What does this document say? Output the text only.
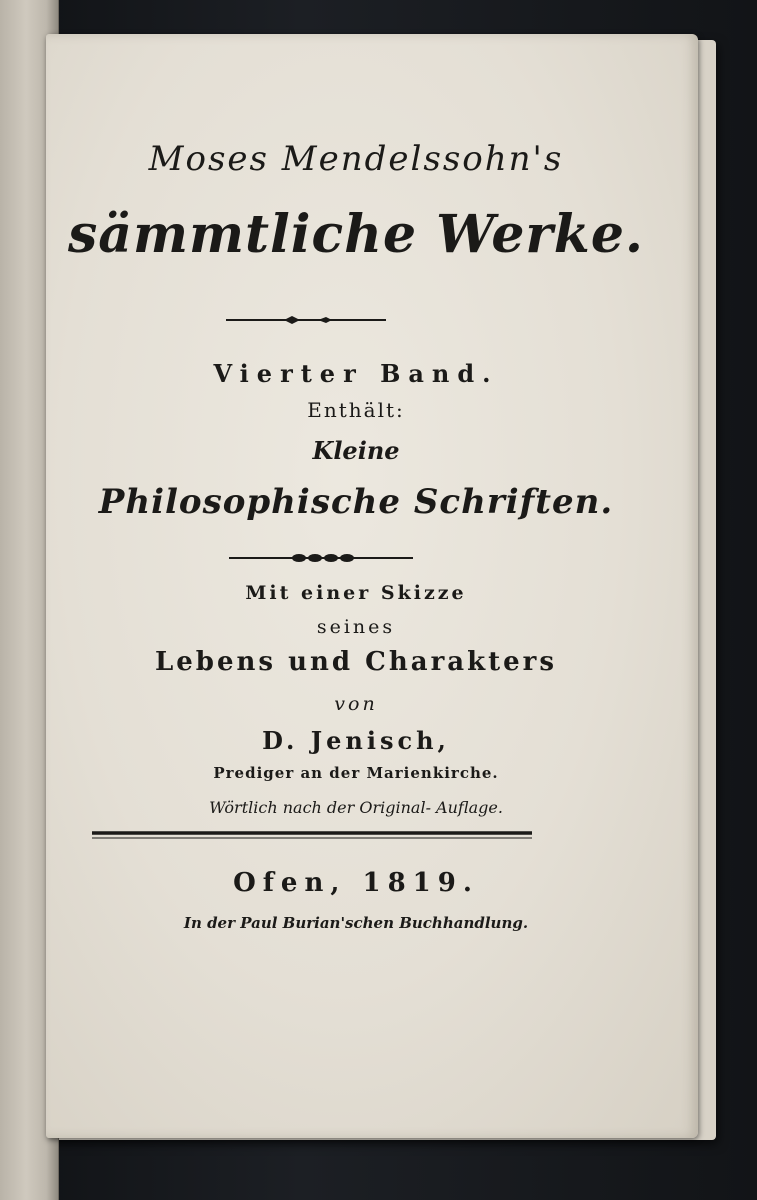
Moses Mendelssohn's
sämmtliche Werke.
Vierter Band.
Enthält:
Kleine
Philosophische Schriften.
Mit einer Skizze
seines
Lebens und Charakters
von
D. Jenisch,
Prediger an der Marienkirche.
Wörtlich nach der Original- Auflage.
Ofen, 1819.
In der Paul Burian'schen Buchhandlung.
